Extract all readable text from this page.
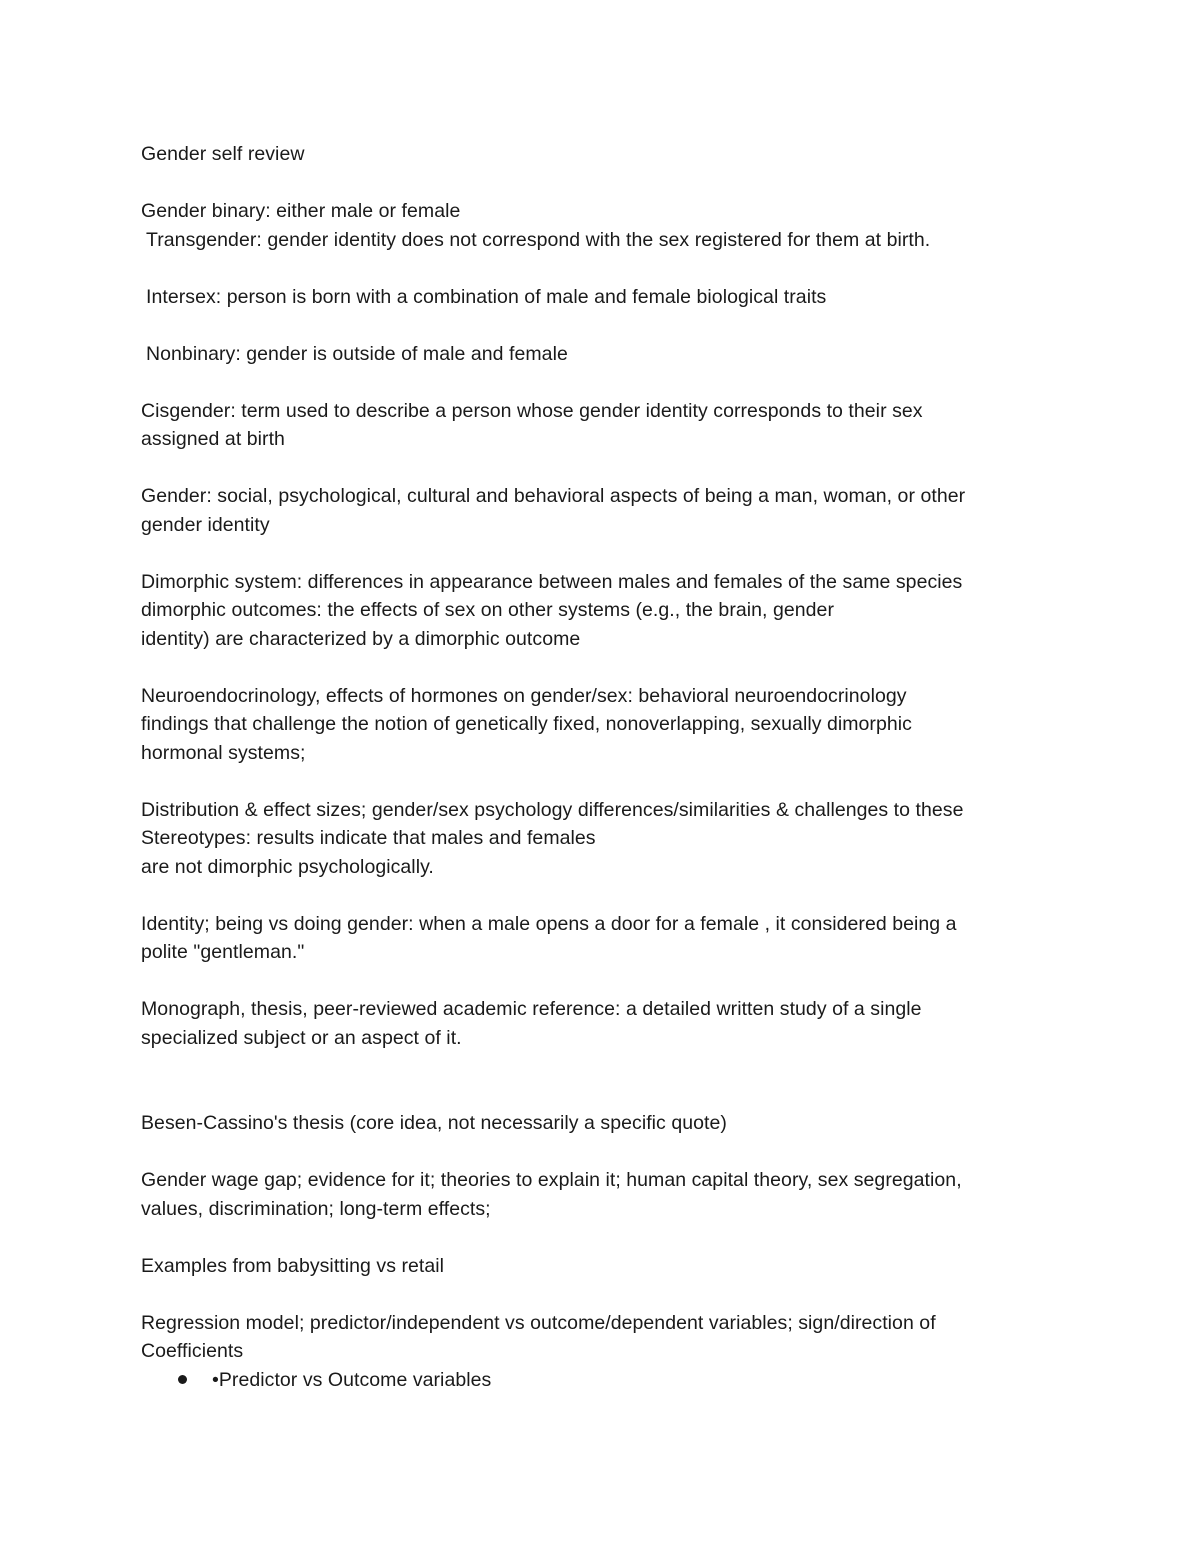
Gender self review
Gender binary: either male or female
Transgender: gender identity does not correspond with the sex registered for them at birth.
Intersex: person is born with a combination of male and female biological traits
Nonbinary: gender is outside of male and female
Cisgender: term used to describe a person whose gender identity corresponds to their sex
assigned at birth
Gender: social, psychological, cultural and behavioral aspects of being a man, woman, or other
gender identity
Dimorphic system: differences in appearance between males and females of the same species
dimorphic outcomes: the effects of sex on other systems (e.g., the brain, gender
identity) are characterized by a dimorphic outcome
Neuroendocrinology, effects of hormones on gender/sex: behavioral neuroendocrinology
findings that challenge the notion of genetically fixed, nonoverlapping, sexually dimorphic
hormonal systems;
Distribution & effect sizes; gender/sex psychology differences/similarities & challenges to these
Stereotypes: results indicate that males and females
are not dimorphic psychologically.
Identity; being vs doing gender: when a male opens a door for a female , it considered being a
polite "gentleman."
Monograph, thesis, peer-reviewed academic reference: a detailed written study of a single
specialized subject or an aspect of it.
Besen-Cassino's thesis (core idea, not necessarily a specific quote)
Gender wage gap; evidence for it; theories to explain it; human capital theory, sex segregation,
values, discrimination; long-term effects;
Examples from babysitting vs retail
Regression model; predictor/independent vs outcome/dependent variables; sign/direction of
Coefficients
•Predictor vs Outcome variables
